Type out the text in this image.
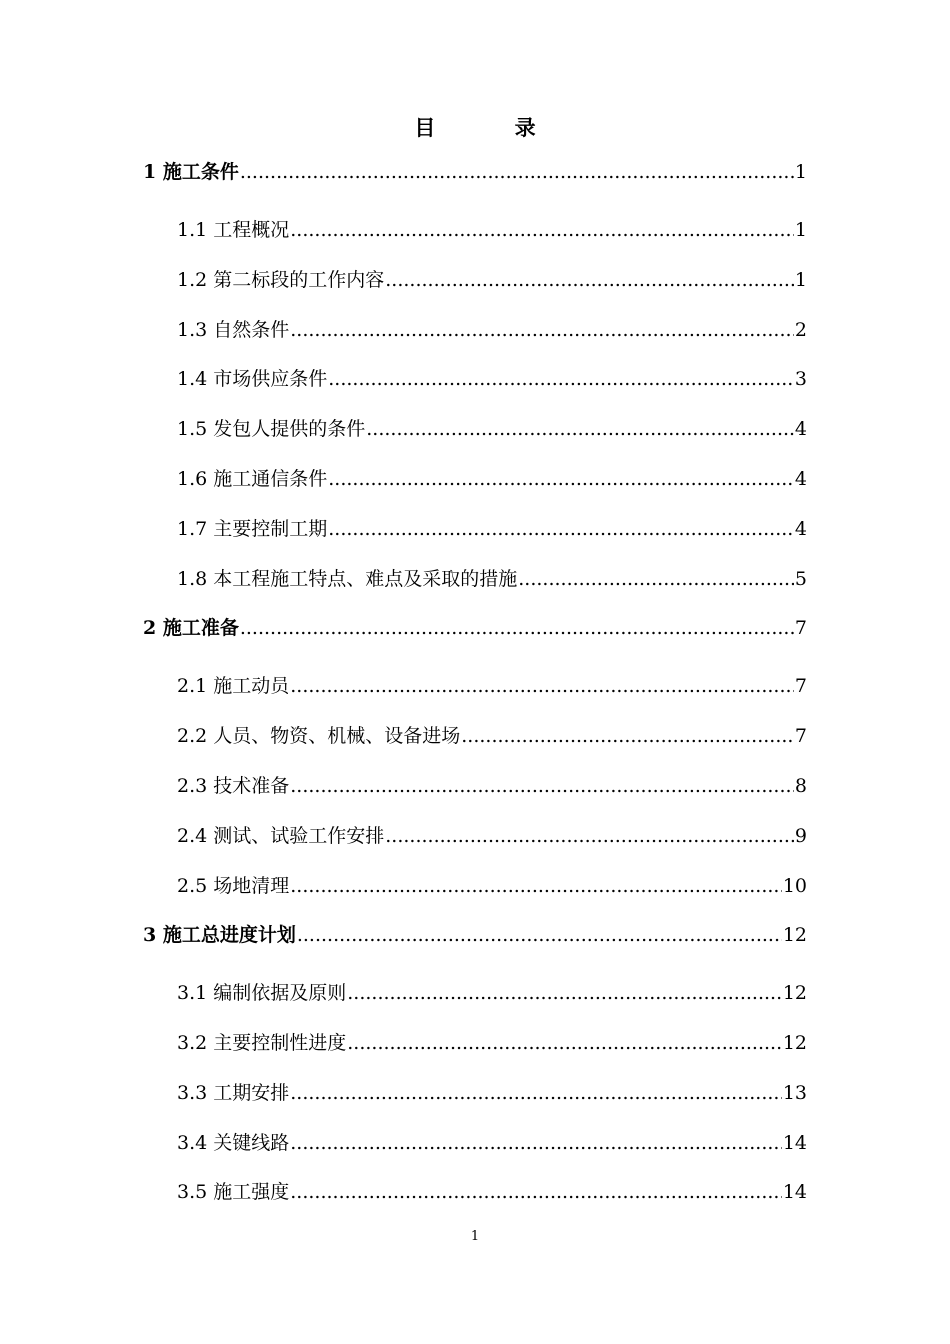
目 录
1 施工条件 .....	1
1.1 工程概况 .....	1
1.2 第二标段的工作内容 .....	1
1.3 自然条件 .....	2
1.4 市场供应条件 .....	3
1.5 发包人提供的条件 .....	4
1.6 施工通信条件 .....	4
1.7 主要控制工期 .....	4
1.8 本工程施工特点、难点及采取的措施 .....	5
2 施工准备 .....	7
2.1 施工动员 .....	7
2.2 人员、物资、机械、设备进场 .....	7
2.3 技术准备 .....	8
2.4 测试、试验工作安排 .....	9
2.5 场地清理 .....	10
3 施工总进度计划 .....	12
3.1 编制依据及原则 .....	12
3.2 主要控制性进度 .....	12
3.3 工期安排 .....	13
3.4 关键线路 .....	14
3.5 施工强度 .....	14
1
